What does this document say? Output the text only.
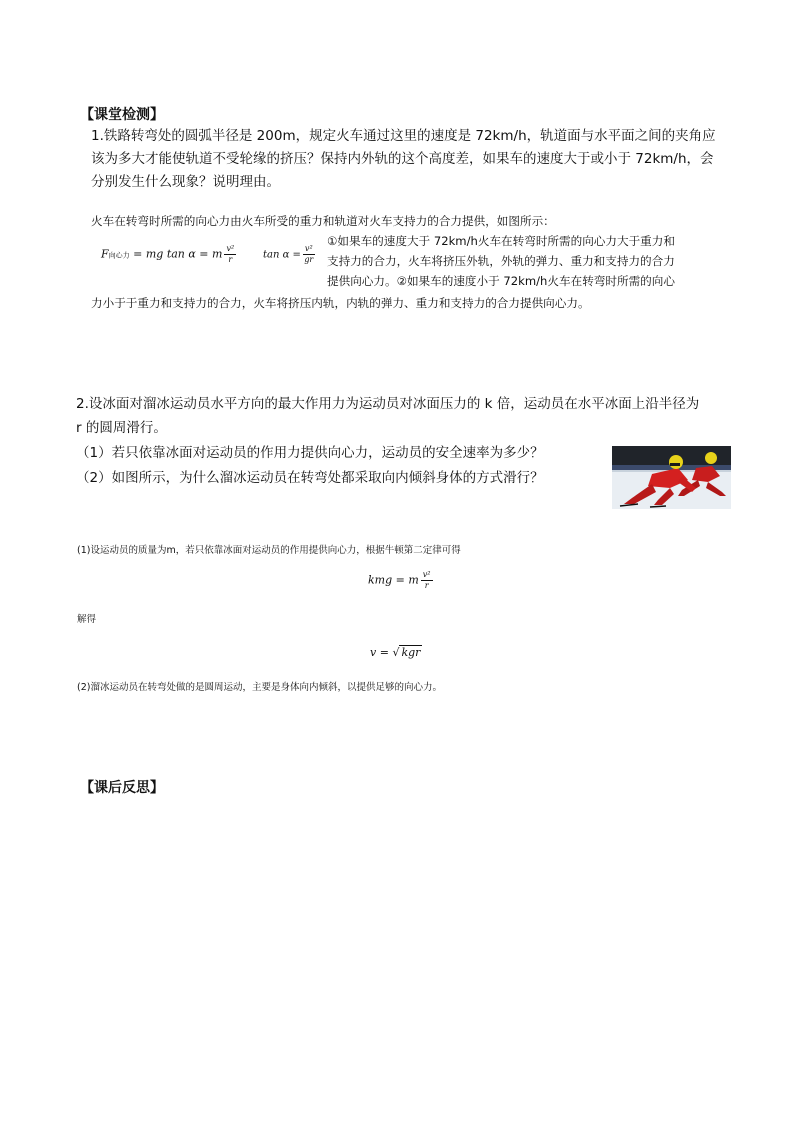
【课堂检测】
1.铁路转弯处的圆弧半径是 200m，规定火车通过这里的速度是 72km/h，轨道面与水平面之间的夹角应
该为多大才能使轨道不受轮缘的挤压？保持内外轨的这个高度差，如果车的速度大于或小于 72km/h，会
分别发生什么现象？说明理由。
火车在转弯时所需的向心力由火车所受的重力和轨道对火车支持力的合力提供，如图所示：
F向心力 = mg tan α = m $\frac{\text{v²}}{r}$	$\tan \alpha = \frac{\text{v²}}{gr}$
①如果车的速度大于 72km/h火车在转弯时所需的向心力大于重力和
支持力的合力，火车将挤压外轨，外轨的弹力、重力和支持力的合力
提供向心力。②如果车的速度小于 72km/h火车在转弯时所需的向心
力小于于重力和支持力的合力，火车将挤压内轨，内轨的弹力、重力和支持力的合力提供向心力。
2.设冰面对溜冰运动员水平方向的最大作用力为运动员对冰面压力的 k 倍，运动员在水平冰面上沿半径为
r 的圆周滑行。
（1）若只依靠冰面对运动员的作用力提供向心力，运动员的安全速率为多少？
（2）如图所示，为什么溜冰运动员在转弯处都采取向内倾斜身体的方式滑行？
(1)设运动员的质量为m，若只依靠冰面对运动员的作用提供向心力，根据牛顿第二定律可得
kmg = m $\frac{\text{v²}}{r}$
解得
v = √ kgr
(2)溜冰运动员在转弯处做的是圆周运动，主要是身体向内倾斜，以提供足够的向心力。
【课后反思】
